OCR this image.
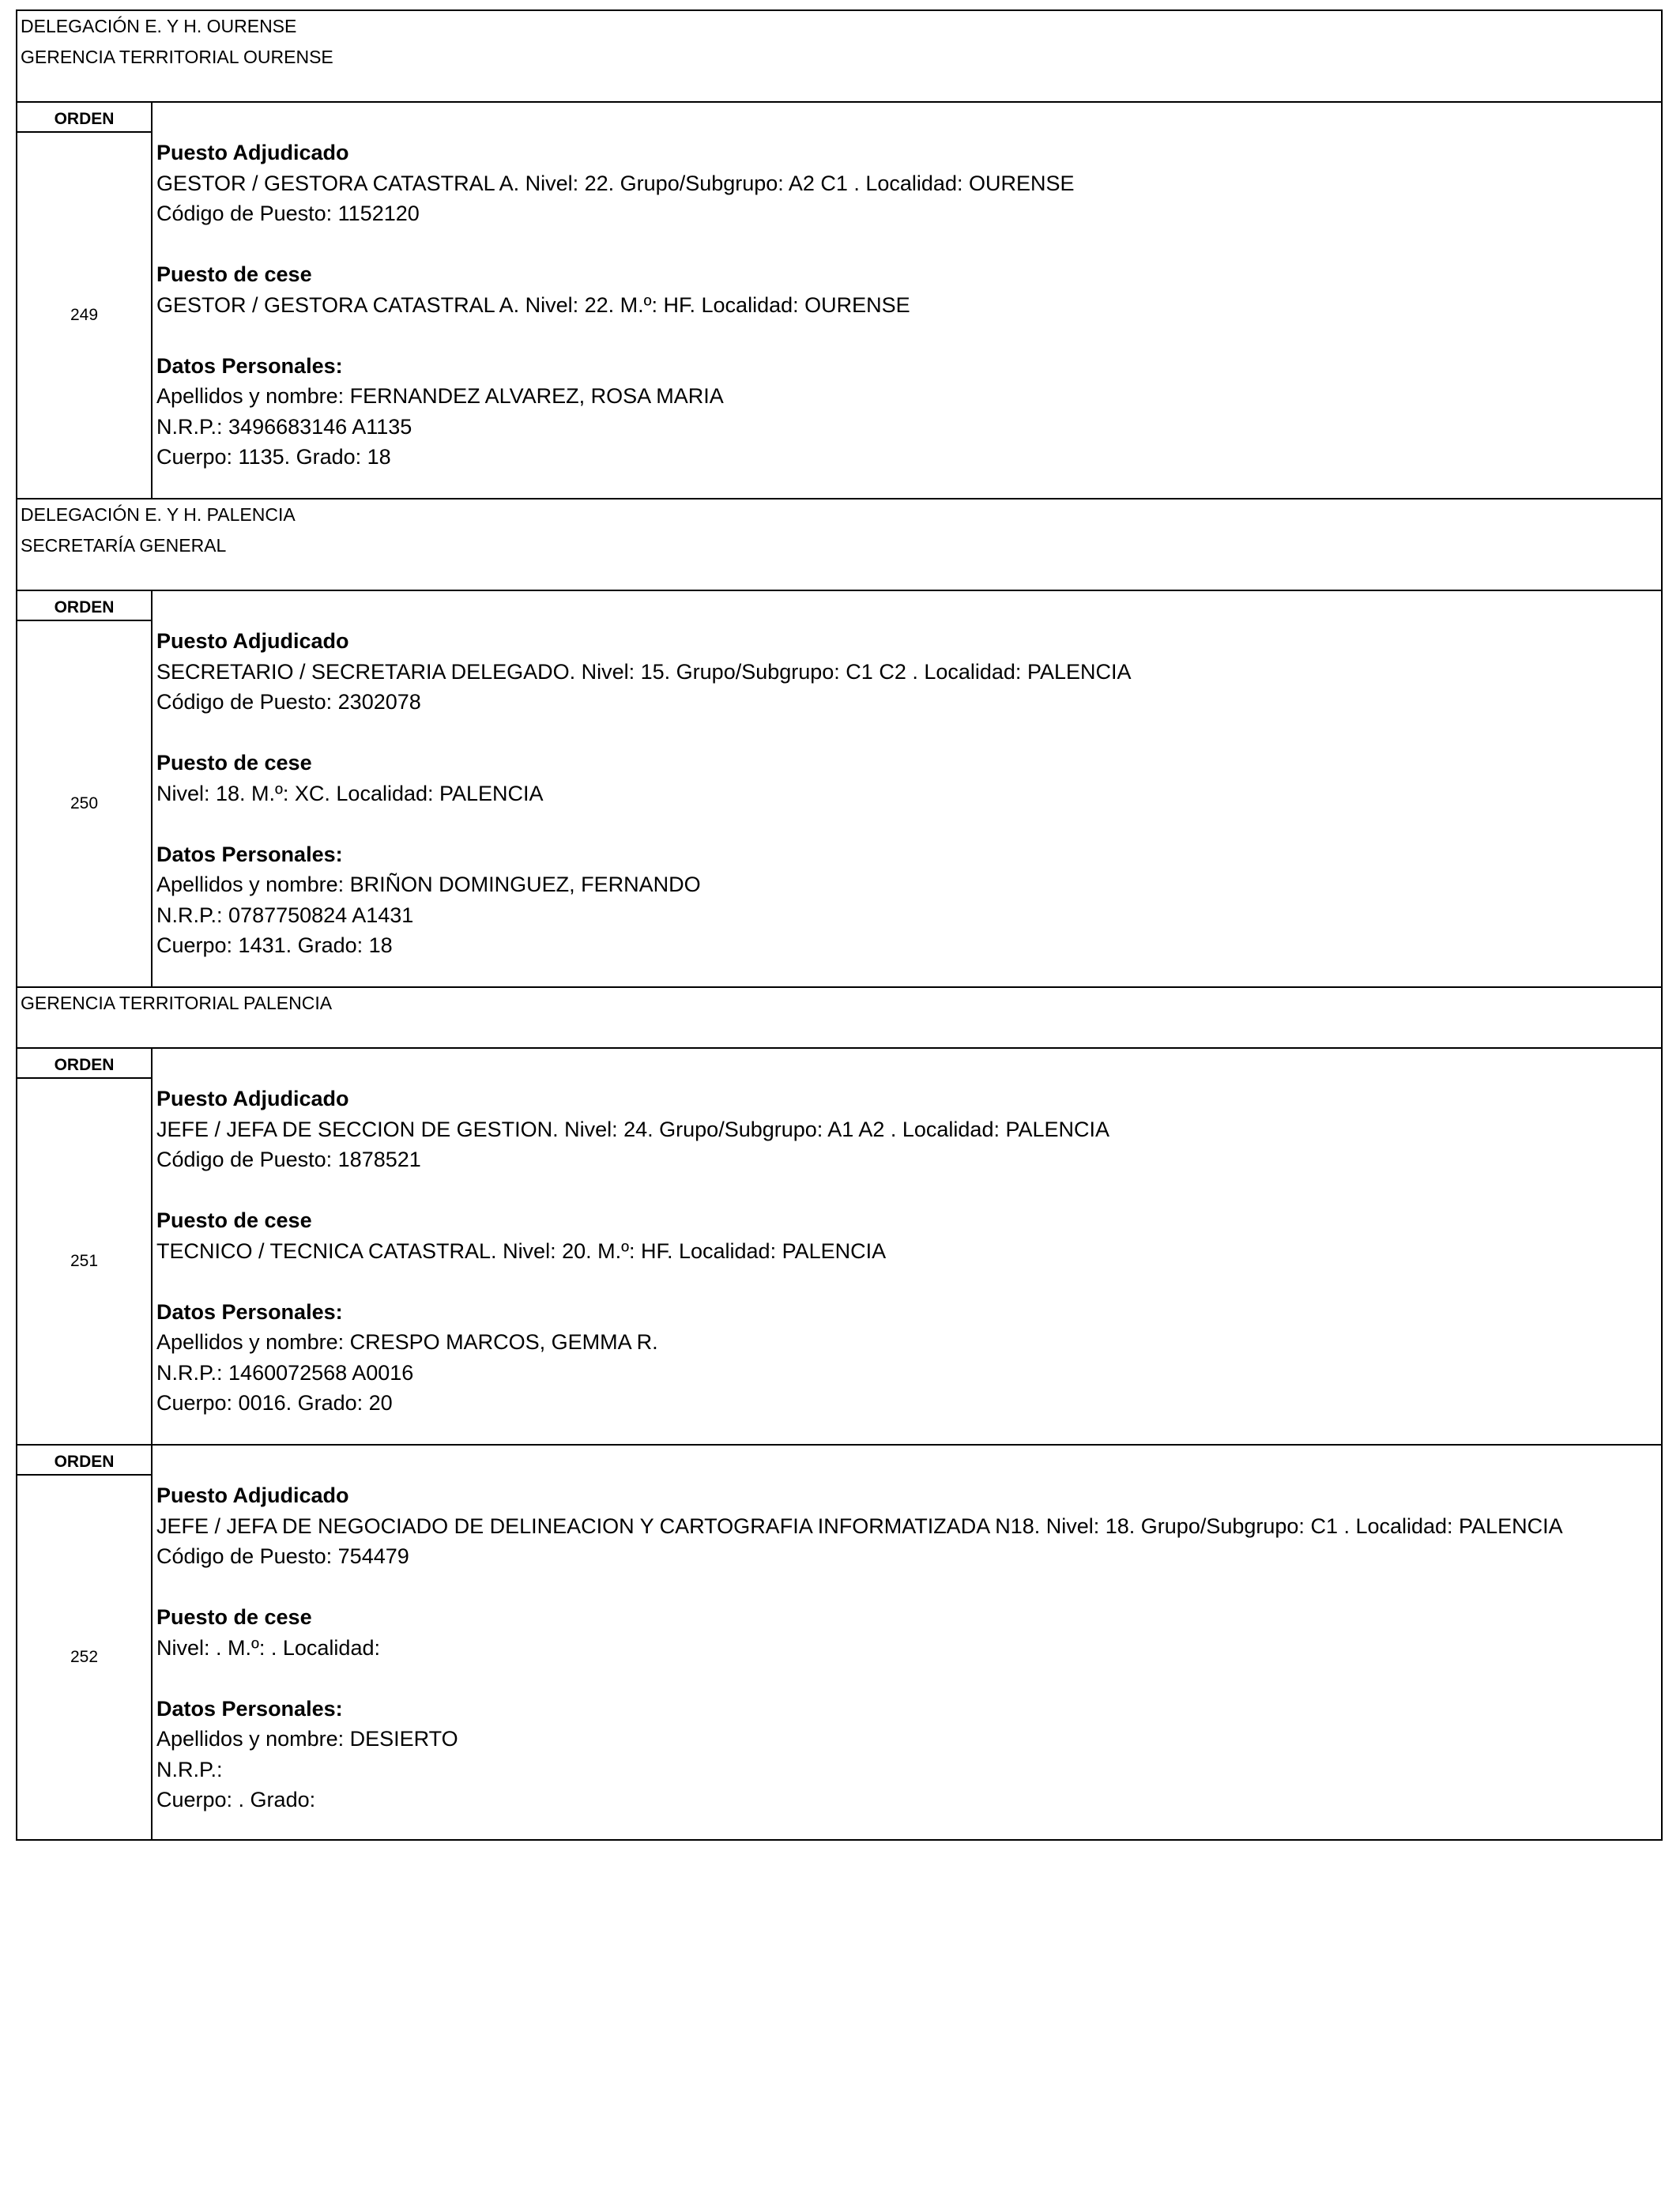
DELEGACIÓN E. Y H. OURENSE
GERENCIA TERRITORIAL OURENSE
ORDEN
249
Puesto Adjudicado
GESTOR / GESTORA CATASTRAL A. Nivel: 22. Grupo/Subgrupo: A2 C1 . Localidad: OURENSE
Código de Puesto: 1152120
Puesto de cese
GESTOR / GESTORA CATASTRAL A. Nivel: 22. M.º: HF. Localidad: OURENSE
Datos Personales:
Apellidos y nombre: FERNANDEZ ALVAREZ, ROSA MARIA
N.R.P.: 3496683146 A1135
Cuerpo: 1135. Grado: 18
DELEGACIÓN E. Y H. PALENCIA
SECRETARÍA GENERAL
ORDEN
250
Puesto Adjudicado
SECRETARIO / SECRETARIA DELEGADO. Nivel: 15. Grupo/Subgrupo: C1 C2 . Localidad: PALENCIA
Código de Puesto: 2302078
Puesto de cese
Nivel: 18. M.º: XC. Localidad: PALENCIA
Datos Personales:
Apellidos y nombre: BRIÑON DOMINGUEZ, FERNANDO
N.R.P.: 0787750824 A1431
Cuerpo: 1431. Grado: 18
GERENCIA TERRITORIAL PALENCIA
ORDEN
251
Puesto Adjudicado
JEFE / JEFA DE SECCION DE GESTION. Nivel: 24. Grupo/Subgrupo: A1 A2 . Localidad: PALENCIA
Código de Puesto: 1878521
Puesto de cese
TECNICO / TECNICA CATASTRAL. Nivel: 20. M.º: HF. Localidad: PALENCIA
Datos Personales:
Apellidos y nombre: CRESPO MARCOS, GEMMA R.
N.R.P.: 1460072568 A0016
Cuerpo: 0016. Grado: 20
ORDEN
252
Puesto Adjudicado
JEFE / JEFA DE NEGOCIADO DE DELINEACION Y CARTOGRAFIA INFORMATIZADA N18. Nivel: 18. Grupo/Subgrupo: C1 . Localidad: PALENCIA
Código de Puesto: 754479
Puesto de cese
Nivel: . M.º: . Localidad:
Datos Personales:
Apellidos y nombre: DESIERTO
N.R.P.:
Cuerpo: . Grado:
